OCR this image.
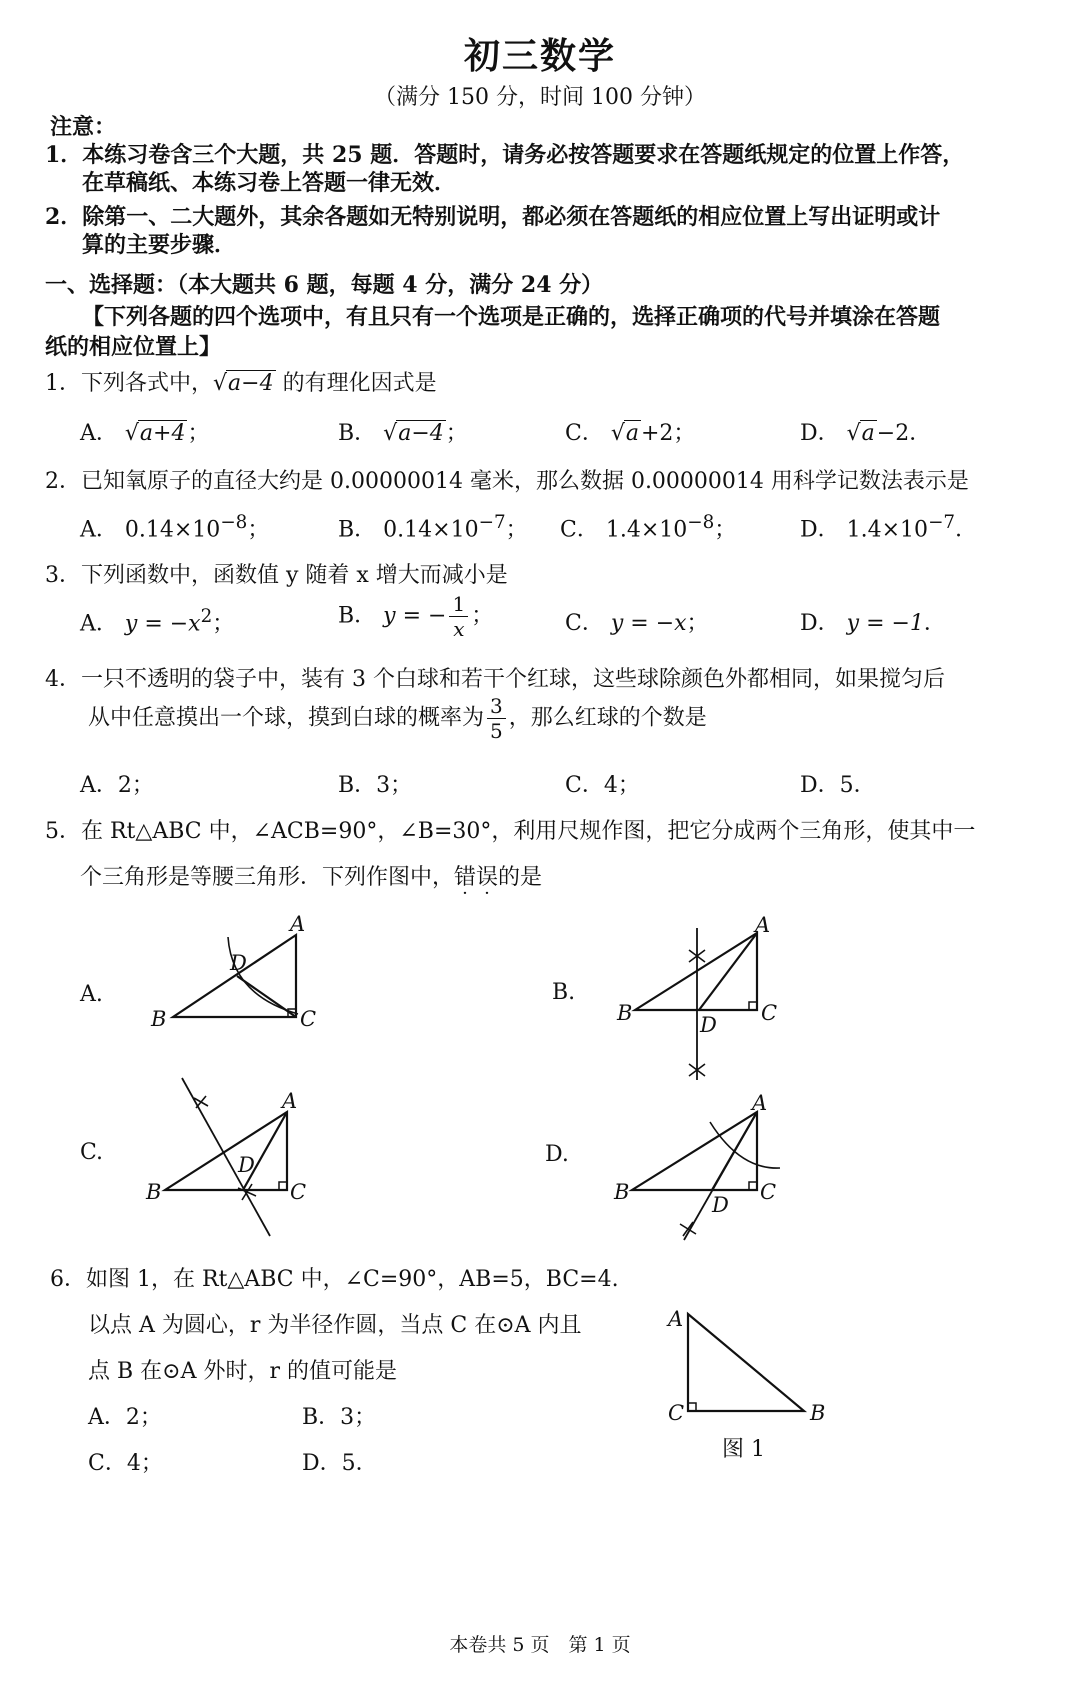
初三数学
（满分 150 分，时间 100 分钟）
注意：
1．本练习卷含三个大题，共 25 题．答题时，请务必按答题要求在答题纸规定的位置上作答，
在草稿纸、本练习卷上答题一律无效．
2．除第一、二大题外，其余各题如无特别说明，都必须在答题纸的相应位置上写出证明或计
算的主要步骤．
一、选择题：（本大题共 6 题，每题 4 分，满分 24 分）
【下列各题的四个选项中，有且只有一个选项是正确的，选择正确项的代号并填涂在答题
纸的相应位置上】
1．下列各式中，√a−4 的有理化因式是
A． √a+4；	B． √a−4；	C． √a+2；	D． √a−2．
2．已知氧原子的直径大约是 0.00000014 毫米，那么数据 0.00000014 用科学记数法表示是
A． $0.14\times 10^{-8}$；	B． $0.14\times 10^{-7}$； C． $1.4\times 10^{-8}$；	D． $1.4\times 10^{-7}$．
3．下列函数中，函数值 y 随着 x 增大而减小是
A． $y = -x^2$；	B． y = − $\frac{1}{x}$ ；	C． y = −x；	D． y = −1．
4．一只不透明的袋子中，装有 3 个白球和若干个红球，这些球除颜色外都相同，如果搅匀后
从中任意摸出一个球，摸到白球的概率为 $\frac{3}{5}$ ，那么红球的个数是
A．2；	B．3；	C．4；	D．5．
5．在 Rt△ABC 中，∠ACB=90°，∠B=30°，利用尺规作图，把它分成两个三角形，使其中一
个三角形是等腰三角形．下列作图中，错误的是
A.	B.
C.	D.
A
D
B	C
A
D
B	C
A
D
B	C
A
D
B	C
6．如图 1，在 Rt△ABC 中，∠C=90°，AB=5，BC=4.
以点 A 为圆心，r 为半径作圆，当点 C 在⊙A 内且
点 B 在⊙A 外时，r 的值可能是
A．2；	B．3；
C．4；	D．5．
A
C	B
图 1
本卷共 5 页　第 1 页
